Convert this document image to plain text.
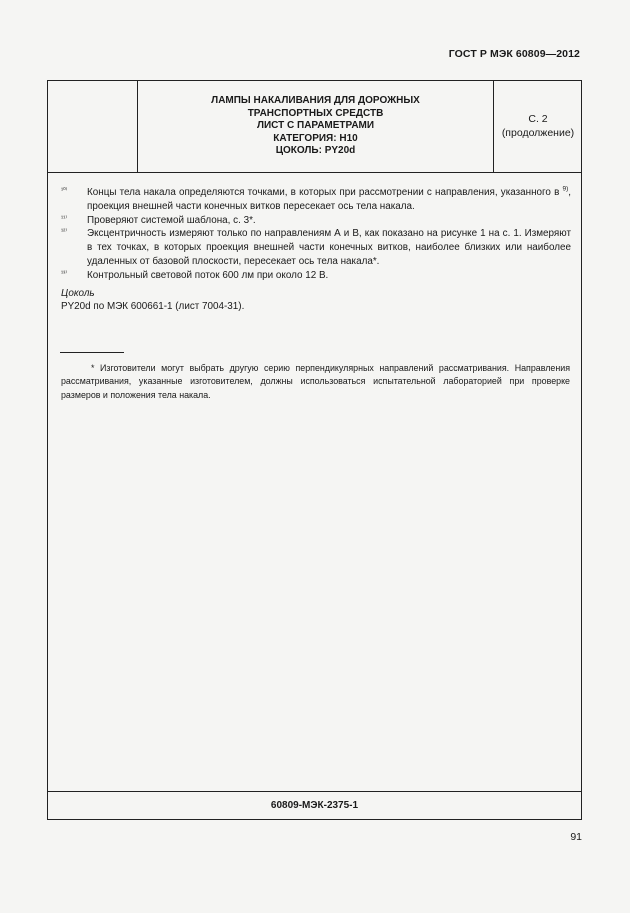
ГОСТ Р МЭК 60809—2012
ЛАМПЫ НАКАЛИВАНИЯ ДЛЯ ДОРОЖНЫХ
ТРАНСПОРТНЫХ СРЕДСТВ
ЛИСТ С ПАРАМЕТРАМИ
КАТЕГОРИЯ: Н10
ЦОКОЛЬ: PY20d
С. 2
(продолжение)
¹⁰⁾	Концы тела накала определяются точками, в которых при рассмотрении с направления, указанного в $^{9)}$, проекция внешней части конечных витков пересекает ось тела накала.
¹¹⁾	Проверяют системой шаблона, с. 3*.
¹²⁾	Эксцентричность измеряют только по направлениям А и В, как показано на рисунке 1 на с. 1. Измеряют в тех точках, в которых проекция внешней части конечных витков, наиболее близких или наиболее удаленных от базовой плоскости, пересекает ось тела накала*.
¹³⁾	Контрольный световой поток 600 лм при около 12 В.
Цоколь
PY20d по МЭК 600661-1 (лист 7004-31).
* Изготовители могут выбрать другую серию перпендикулярных направлений рассматривания. Направления рассматривания, указанные изготовителем, должны использоваться испытательной лабораторией при проверке размеров и положения тела накала.
60809-МЭК-2375-1
91
